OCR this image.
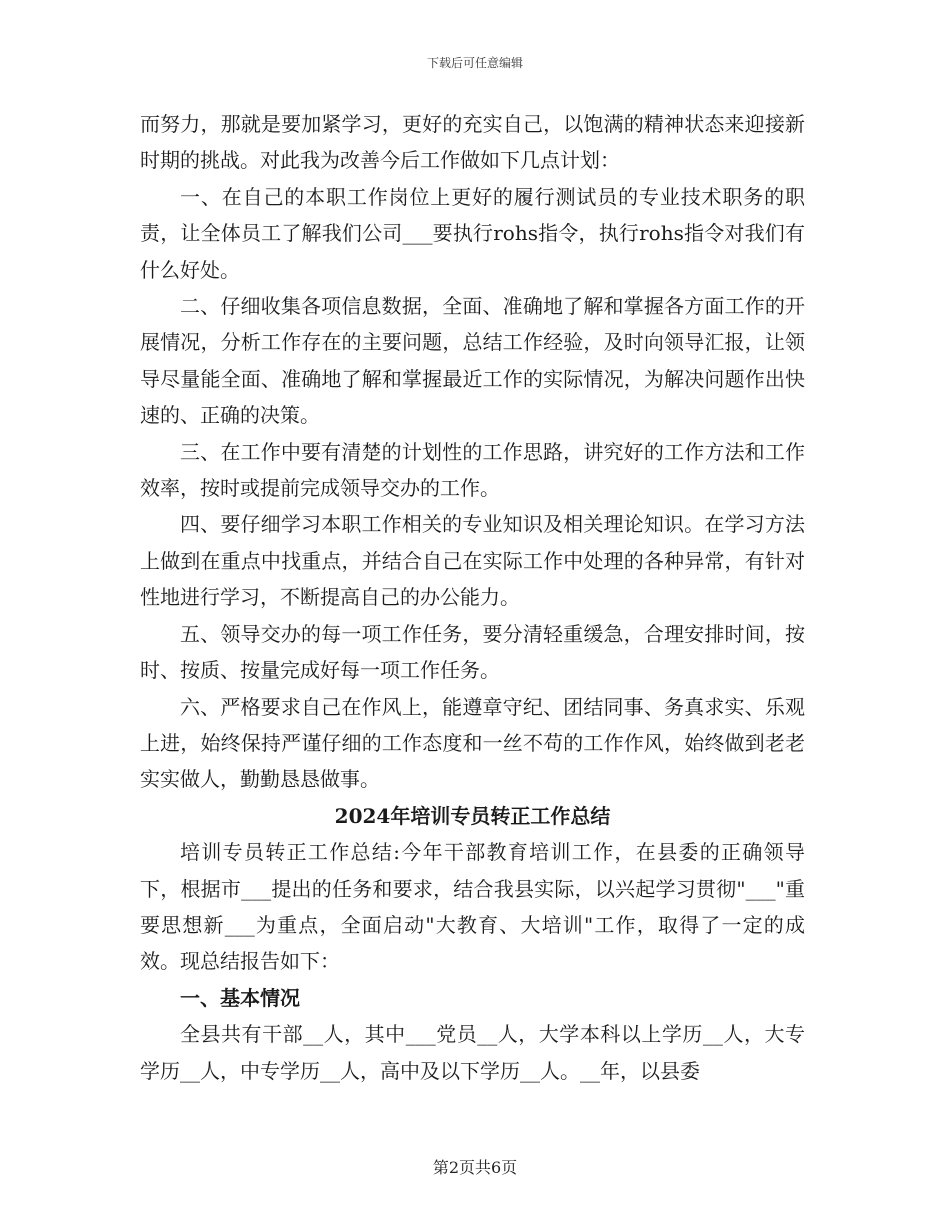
下载后可任意编辑

而努力，那就是要加紧学习，更好的充实自己，以饱满的精神状态来迎接新时期的挑战。对此我为改善今后工作做如下几点计划：

一、在自己的本职工作岗位上更好的履行测试员的专业技术职务的职责，让全体员工了解我们公司___要执行rohs指令，执行rohs指令对我们有什么好处。

二、仔细收集各项信息数据，全面、准确地了解和掌握各方面工作的开展情况，分析工作存在的主要问题，总结工作经验，及时向领导汇报，让领导尽量能全面、准确地了解和掌握最近工作的实际情况，为解决问题作出快速的、正确的决策。

三、在工作中要有清楚的计划性的工作思路，讲究好的工作方法和工作效率，按时或提前完成领导交办的工作。

四、要仔细学习本职工作相关的专业知识及相关理论知识。在学习方法上做到在重点中找重点，并结合自己在实际工作中处理的各种异常，有针对性地进行学习，不断提高自己的办公能力。

五、领导交办的每一项工作任务，要分清轻重缓急，合理安排时间，按时、按质、按量完成好每一项工作任务。

六、严格要求自己在作风上，能遵章守纪、团结同事、务真求实、乐观上进，始终保持严谨仔细的工作态度和一丝不苟的工作作风，始终做到老老实实做人，勤勤恳恳做事。

2024年培训专员转正工作总结

培训专员转正工作总结:今年干部教育培训工作，在县委的正确领导下，根据市___提出的任务和要求，结合我县实际，以兴起学习贯彻"___"重要思想新___为重点，全面启动"大教育、大培训"工作，取得了一定的成效。现总结报告如下：

一、基本情况

全县共有干部__人，其中___党员__人，大学本科以上学历__人，大专学历__人，中专学历__人，高中及以下学历__人。__年，以县委

第2页共6页
